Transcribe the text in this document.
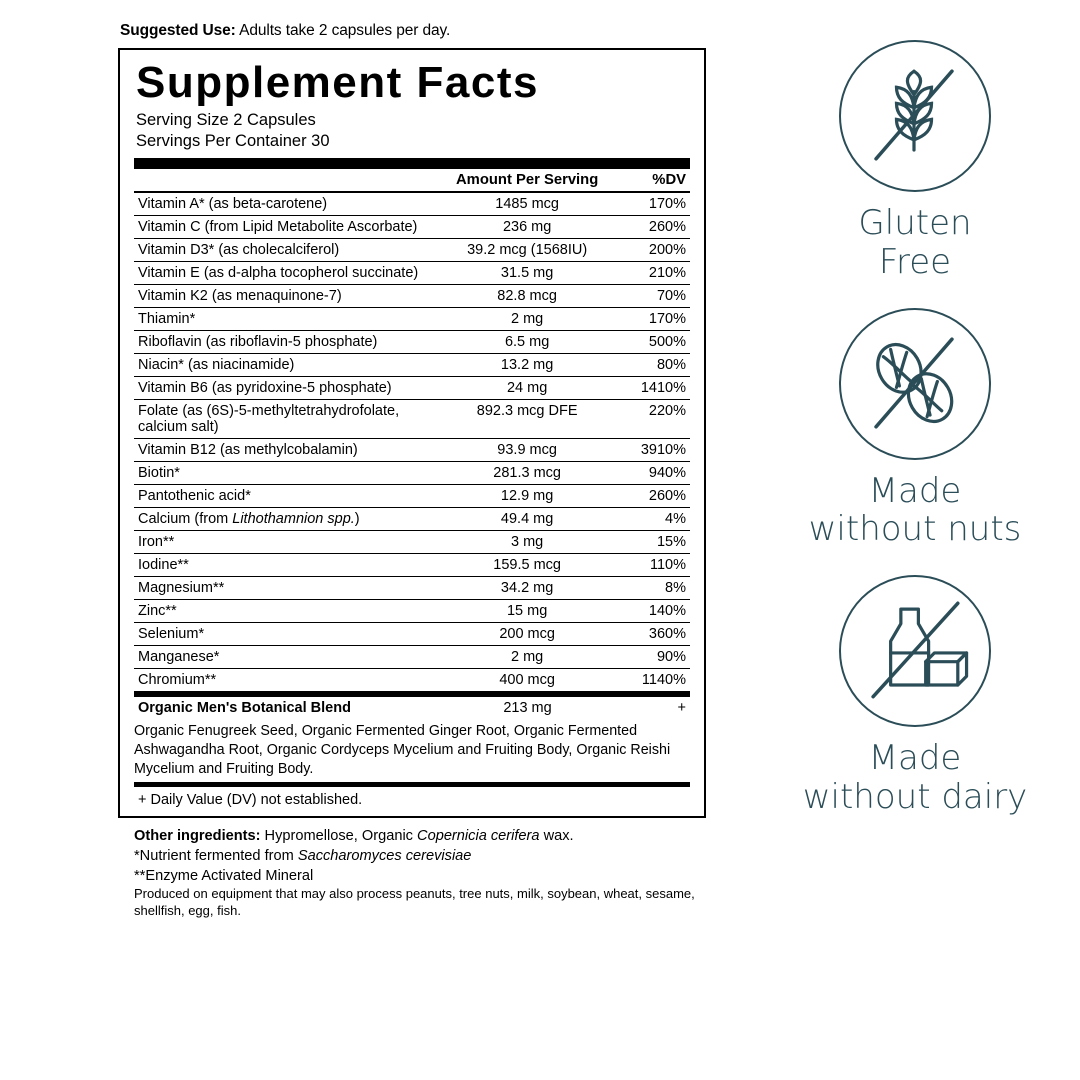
Suggested Use: Adults take 2 capsules per day.

Supplement Facts
Serving Size 2 Capsules
Servings Per Container 30
	Amount Per Serving	%DV
Vitamin A* (as beta-carotene)	1485 mcg	170%
Vitamin C (from Lipid Metabolite Ascorbate)	236 mg	260%
Vitamin D3* (as cholecalciferol)	39.2 mcg (1568IU)	200%
Vitamin E (as d-alpha tocopherol succinate)	31.5 mg	210%
Vitamin K2 (as menaquinone-7)	82.8 mcg	70%
Thiamin*	2 mg	170%
Riboflavin (as riboflavin-5 phosphate)	6.5 mg	500%
Niacin* (as niacinamide)	13.2 mg	80%
Vitamin B6 (as pyridoxine-5 phosphate)	24 mg	1410%
Folate (as (6S)-5-methyltetrahydrofolate, calcium salt)	892.3 mcg DFE	220%
Vitamin B12 (as methylcobalamin)	93.9 mcg	3910%
Biotin*	281.3 mcg	940%
Pantothenic acid*	12.9 mg	260%
Calcium (from Lithothamnion spp.)	49.4 mg	4%
Iron**	3 mg	15%
Iodine**	159.5 mcg	110%
Magnesium**	34.2 mg	8%
Zinc**	15 mg	140%
Selenium*	200 mcg	360%
Manganese*	2 mg	90%
Chromium**	400 mcg	1140%
Organic Men's Botanical Blend	213 mg	+
Organic Fenugreek Seed, Organic Fermented Ginger Root, Organic Fermented Ashwagandha Root, Organic Cordyceps Mycelium and Fruiting Body, Organic Reishi Mycelium and Fruiting Body.
+ Daily Value (DV) not established.
Other ingredients: Hypromellose, Organic Copernicia cerifera wax.
*Nutrient fermented from Saccharomyces cerevisiae
**Enzyme Activated Mineral
Produced on equipment that may also process peanuts, tree nuts, milk, soybean, wheat, sesame, shellfish, egg, fish.
Gluten
Free
Made
without nuts
Made
without dairy
